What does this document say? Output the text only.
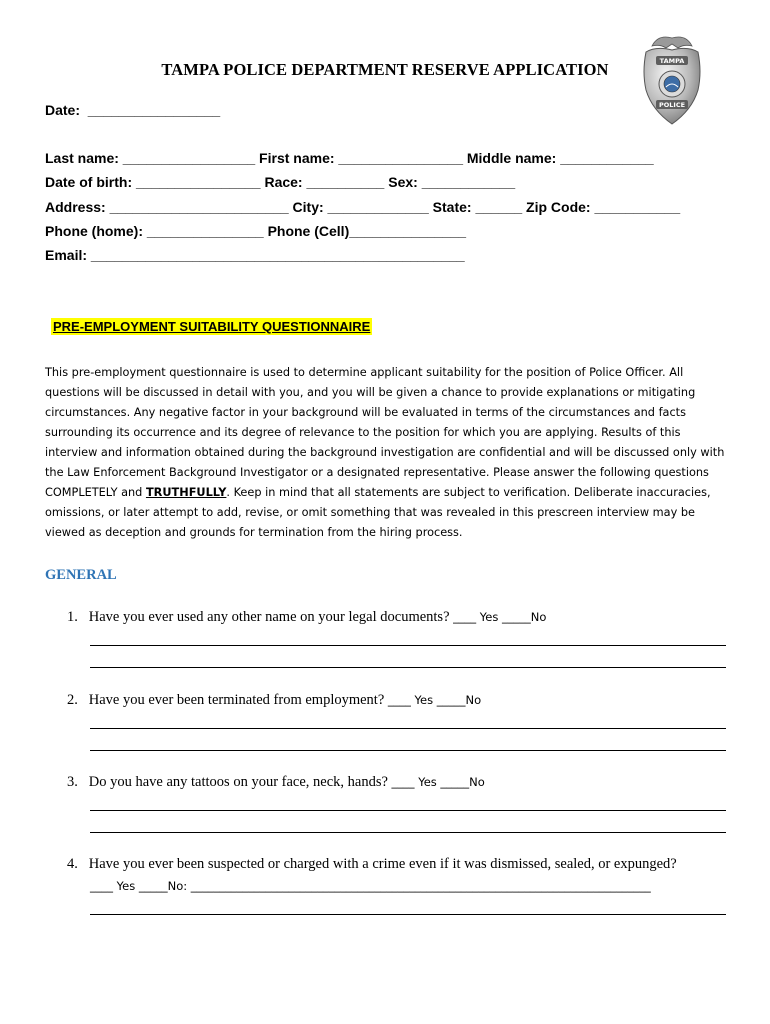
TAMPA POLICE DEPARTMENT RESERVE APPLICATION	TAMPA
POLICE
Date:  _________________
Last name: _________________ First name: ________________ Middle name: ____________
Date of birth: ________________ Race: __________ Sex: ____________
Address: _______________________ City: _____________ State: ______ Zip Code: ___________
Phone (home): _______________ Phone (Cell)_______________
Email: ________________________________________________
PRE-EMPLOYMENT SUITABILITY QUESTIONNAIRE
This pre-employment questionnaire is used to determine applicant suitability for the position of Police Officer. All
questions will be discussed in detail with you, and you will be given a chance to provide explanations or mitigating
circumstances. Any negative factor in your background will be evaluated in terms of the circumstances and facts
surrounding its occurrence and its degree of relevance to the position for which you are applying. Results of this
interview and information obtained during the background investigation are confidential and will be discussed only with
the Law Enforcement Background Investigator or a designated representative. Please answer the following questions
COMPLETELY and TRUTHFULLY. Keep in mind that all statements are subject to verification. Deliberate inaccuracies,
omissions, or later attempt to add, revise, or omit something that was revealed in this prescreen interview may be
viewed as deception and grounds for termination from the hiring process.
GENERAL
1.   Have you ever used any other name on your legal documents? ____ Yes _____No
2.   Have you ever been terminated from employment? ____ Yes _____No
3.   Do you have any tattoos on your face, neck, hands? ____ Yes _____No
4.   Have you ever been suspected or charged with a crime even if it was dismissed, sealed, or expunged?
____ Yes _____No: ________________________________________________________________________________
